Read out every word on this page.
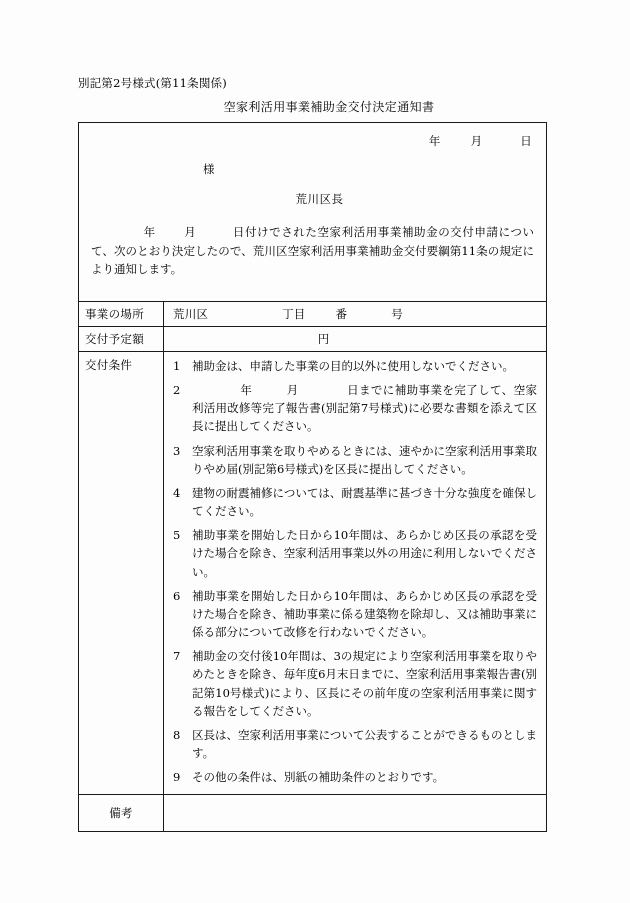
別記第2号様式(第11条関係)
空家利活用事業補助金交付決定通知書
年	月	日
様
荒川区長
年 月	日付けでされた空家利活用事業補助金の交付申請について、次のとおり決定したので、荒川区空家利活用事業補助金交付要綱第11条の規定により通知します。
事業の場所	荒川区	丁目	番	号
交付予定額	円
交付条件	1	補助金は、申請した事業の目的以外に使用しないでください。
2	年	月	日までに補助事業を完了して、空家利活用改修等完了報告書(別記第7号様式)に必要な書類を添えて区長に提出してください。
3	空家利活用事業を取りやめるときには、速やかに空家利活用事業取りやめ届(別記第6号様式)を区長に提出してください。
4	建物の耐震補修については、耐震基準に甚づき十分な強度を確保してください。
5	補助事業を開始した日から10年間は、あらかじめ区長の承認を受けた場合を除き、空家利活用事業以外の用途に利用しないでください。
6	補助事業を開始した日から10年間は、あらかじめ区長の承認を受けた場合を除き、補助事業に係る建築物を除却し、又は補助事業に係る部分について改修を行わないでください。
7	補助金の交付後10年間は、3の規定により空家利活用事業を取りやめたときを除き、毎年度6月末日までに、空家利活用事業報告書(別記第10号様式)により、区長にその前年度の空家利活用事業に関する報告をしてください。
8	区長は、空家利活用事業について公表することができるものとします。
9	その他の条件は、別紙の補助条件のとおりです。
備考
